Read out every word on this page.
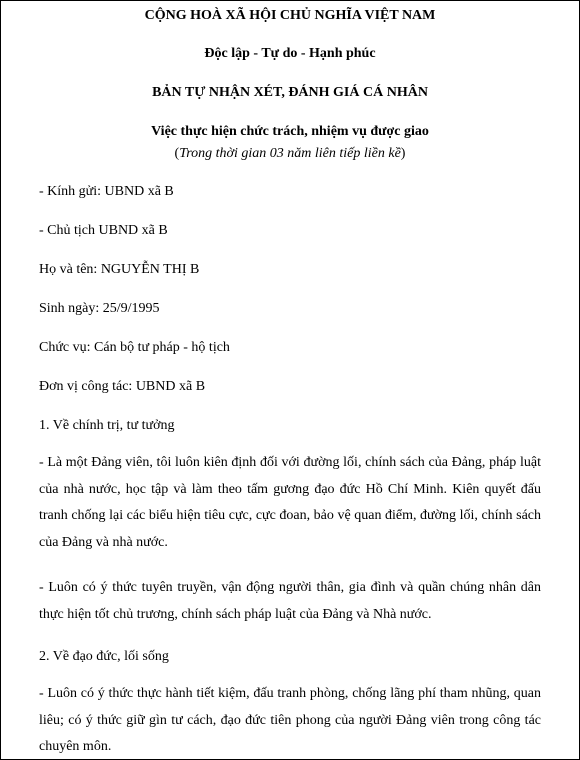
CỘNG HOÀ XÃ HỘI CHỦ NGHĨA VIỆT NAM
Độc lập - Tự do - Hạnh phúc
BẢN TỰ NHẬN XÉT, ĐÁNH GIÁ CÁ NHÂN
Việc thực hiện chức trách, nhiệm vụ được giao
(Trong thời gian 03 năm liên tiếp liền kề)
- Kính gửi: UBND xã B
- Chủ tịch UBND xã B
Họ và tên: NGUYỄN THỊ B
Sinh ngày: 25/9/1995
Chức vụ: Cán bộ tư pháp - hộ tịch
Đơn vị công tác: UBND xã B
1. Về chính trị, tư tưởng
- Là một Đảng viên, tôi luôn kiên định đối với đường lối, chính sách của Đảng, pháp luật của nhà nước, học tập và làm theo tấm gương đạo đức Hồ Chí Minh. Kiên quyết đấu tranh chống lại các biểu hiện tiêu cực, cực đoan, bảo vệ quan điểm, đường lối, chính sách của Đảng và nhà nước.
- Luôn có ý thức tuyên truyền, vận động người thân, gia đình và quần chúng nhân dân thực hiện tốt chủ trương, chính sách pháp luật của Đảng và Nhà nước.
2. Về đạo đức, lối sống
- Luôn có ý thức thực hành tiết kiệm, đấu tranh phòng, chống lãng phí tham nhũng, quan liêu; có ý thức giữ gìn tư cách, đạo đức tiên phong của người Đảng viên trong công tác chuyên môn.
